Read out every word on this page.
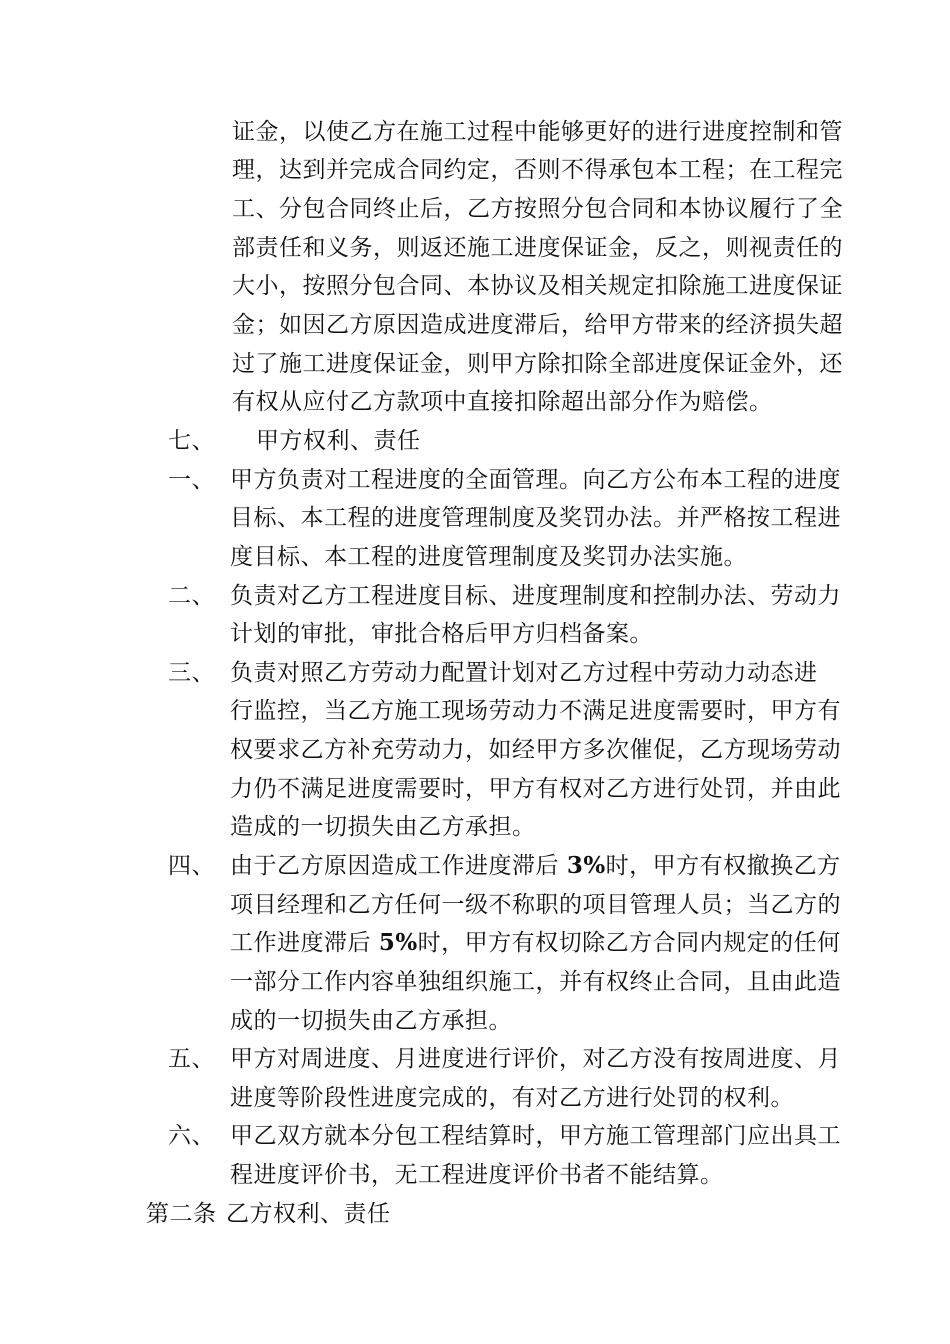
证金，以使乙方在施工过程中能够更好的进行进度控制和管
理，达到并完成合同约定，否则不得承包本工程；在工程完
工、分包合同终止后，乙方按照分包合同和本协议履行了全
部责任和义务，则返还施工进度保证金，反之，则视责任的
大小，按照分包合同、本协议及相关规定扣除施工进度保证
金；如因乙方原因造成进度滞后，给甲方带来的经济损失超
过了施工进度保证金，则甲方除扣除全部进度保证金外，还
有权从应付乙方款项中直接扣除超出部分作为赔偿。
七、 甲方权利、责任
一、 甲方负责对工程进度的全面管理。向乙方公布本工程的进度
目标、本工程的进度管理制度及奖罚办法。并严格按工程进
度目标、本工程的进度管理制度及奖罚办法实施。
二、 负责对乙方工程进度目标、进度理制度和控制办法、劳动力
计划的审批，审批合格后甲方归档备案。
三、 负责对照乙方劳动力配置计划对乙方过程中劳动力动态进
行监控，当乙方施工现场劳动力不满足进度需要时，甲方有
权要求乙方补充劳动力，如经甲方多次催促，乙方现场劳动
力仍不满足进度需要时，甲方有权对乙方进行处罚，并由此
造成的一切损失由乙方承担。
四、 由于乙方原因造成工作进度滞后 3%时，甲方有权撤换乙方
项目经理和乙方任何一级不称职的项目管理人员；当乙方的
工作进度滞后 5%时，甲方有权切除乙方合同内规定的任何
一部分工作内容单独组织施工，并有权终止合同，且由此造
成的一切损失由乙方承担。
五、 甲方对周进度、月进度进行评价，对乙方没有按周进度、月
进度等阶段性进度完成的，有对乙方进行处罚的权利。
六、 甲乙双方就本分包工程结算时，甲方施工管理部门应出具工
程进度评价书，无工程进度评价书者不能结算。
第二条 乙方权利、责任
